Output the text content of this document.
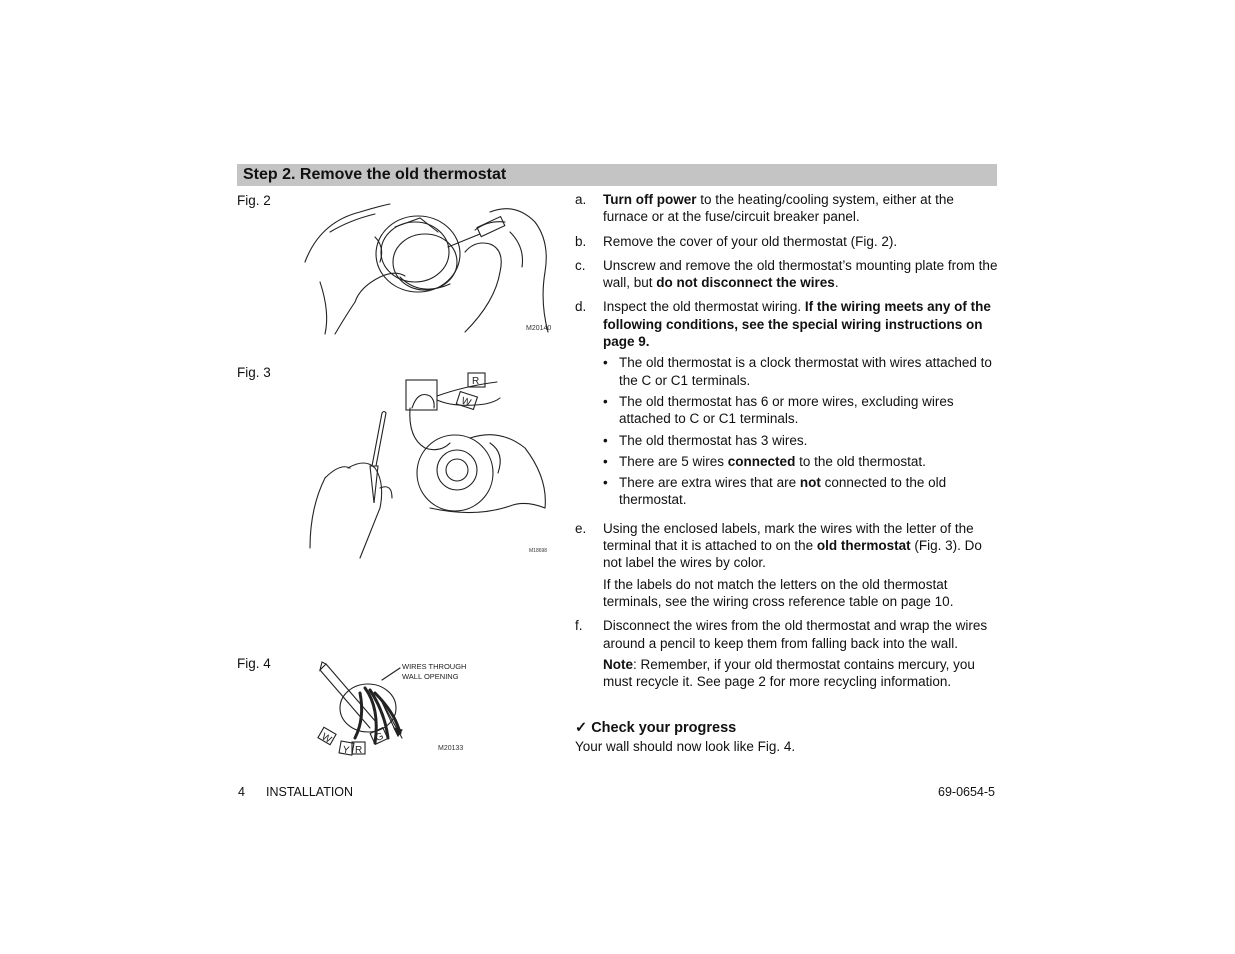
Step 2. Remove the old thermostat
Fig. 2
Fig. 3
Fig. 4
M20140
R
W
M18698
WIRES THROUGH
WALL OPENING
W
Y R
G
M20133
a. Turn off power to the heating/cooling system, either at the furnace or at the fuse/circuit breaker panel.

b. Remove the cover of your old thermostat (Fig. 2).

c. Unscrew and remove the old thermostat’s mounting plate from the wall, but do not disconnect the wires.

d. Inspect the old thermostat wiring. If the wiring meets any of the following conditions, see the special wiring instructions on page 9.

• The old thermostat is a clock thermostat with wires attached to the C or C1 terminals.
• The old thermostat has 6 or more wires, excluding wires attached to C or C1 terminals.
• The old thermostat has 3 wires.
• There are 5 wires connected to the old thermostat.
• There are extra wires that are not connected to the old thermostat.
e. Using the enclosed labels, mark the wires with the letter of the terminal that it is attached to on the old thermostat (Fig. 3). Do not label the wires by color.

If the labels do not match the letters on the old thermostat terminals, see the wiring cross reference table on page 10.

f. Disconnect the wires from the old thermostat and wrap the wires around a pencil to keep them from falling back into the wall.

Note: Remember, if your old thermostat contains mercury, you must recycle it. See page 2 for more recycling information.

✓ Check your progress
Your wall should now look like Fig. 4.
4 INSTALLATION	69-0654-5
